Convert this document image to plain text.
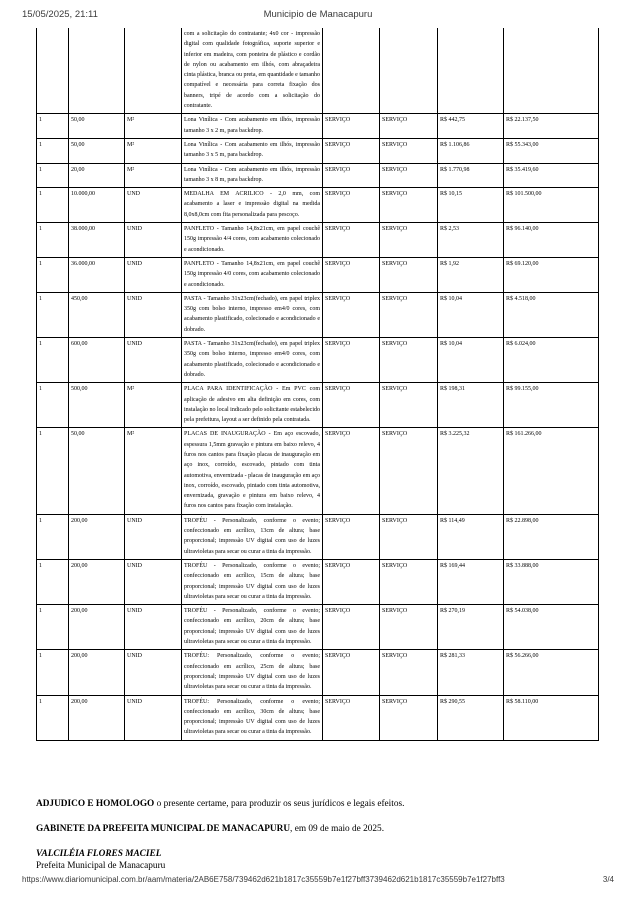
15/05/2025, 21:11	Municipio de Manacapuru
			com a solicitação do contratante; 4x0 cor - impressão digital com qualidade fotográfica, suporte superior e inferior em madeira, com ponteira de plástico e cordão de nylon ou acabamento em ilhós, com abraçadeira cinta plástica, branca ou preta, em quantidade e tamanho compatível e necessária para correta fixação dos banners, tripé de acordo com a solicitação do contratante.				
1	50,00	M²	Lona Vinílica - Com acabamento em ilhós, impressão tamanho 3 x 2 m, para backdrop.	SERVIÇO	SERVIÇO	R$ 442,75	R$ 22.137,50
1	50,00	M²	Lona Vinílica - Com acabamento em ilhós, impressão tamanho 3 x 5 m, para backdrop.	SERVIÇO	SERVIÇO	R$ 1.106,86	R$ 55.343,00
1	20,00	M²	Lona Vinílica - Com acabamento em ilhós, impressão tamanho 3 x 8 m, para backdrop.	SERVIÇO	SERVIÇO	R$ 1.770,98	R$ 35.419,60
1	10.000,00	UND	MEDALHA EM ACRILICO - 2,0 mm, com acabamento a laser e impressão digital na medida 8,0x8,0cm com fita personalizada para pescoço.	SERVIÇO	SERVIÇO	R$ 10,15	R$ 101.500,00
1	38.000,00	UNID	PANFLETO - Tamanho 14,8x21cm, em papel couchê 150g impressão 4/4 cores, com acabamento colecionado e acondicionado.	SERVIÇO	SERVIÇO	R$ 2,53	R$ 96.140,00
1	36.000,00	UNID	PANFLETO - Tamanho 14,8x21cm, em papel couchê 150g impressão 4/0 cores, com acabamento colecionado e acondicionado.	SERVIÇO	SERVIÇO	R$ 1,92	R$ 69.120,00
1	450,00	UNID	PASTA - Tamanho 31x23cm(fechado), em papel triplex 350g com bolso interno, impresso em4/0 cores, com acabamento plastificado, colecionado e acondicionado e dobrado.	SERVIÇO	SERVIÇO	R$ 10,04	R$ 4.518,00
1	600,00	UNID	PASTA - Tamanho 31x23cm(fechado), em papel triplex 350g com bolso interno, impresso em4/0 cores, com acabamento plastificado, colecionado e acondicionado e dobrado.	SERVIÇO	SERVIÇO	R$ 10,04	R$ 6.024,00
1	500,00	M²	PLACA PARA IDENTIFICAÇÃO - Em PVC com aplicação de adesivo em alta definição em cores, com instalação no local indicado pelo solicitante estabelecido pela prefeitura, layout a ser definido pela contratada.	SERVIÇO	SERVIÇO	R$ 198,31	R$ 99.155,00
1	50,00	M²	PLACAS DE INAUGURAÇÃO - Em aço escovado, espessura 1,5mm gravação e pintura em baixo relevo, 4 furos nos cantos para fixação placas de inauguração em aço inox, corroído, escovado, pintado com tinta automotiva, envernizada - placas de inauguração em aço inox, corroído, escovado, pintado com tinta automotiva, envernizada, gravação e pintura em baixo relevo, 4 furos nos cantos para fixação com instalação.	SERVIÇO	SERVIÇO	R$ 3.225,32	R$ 161.266,00
1	200,00	UNID	TROFÉU - Personalizado, conforme o evento; confeccionado em acrílico, 13cm de altura; base proporcional; impressão UV digital com uso de luzes ultravioletas para secar ou curar a tinta da impressão.	SERVIÇO	SERVIÇO	R$ 114,49	R$ 22.898,00
1	200,00	UNID	TROFÉU - Personalizado, conforme o evento; confeccionado em acrílico, 15cm de altura; base proporcional; impressão UV digital com uso de luzes ultravioletas para secar ou curar a tinta da impressão.	SERVIÇO	SERVIÇO	R$ 169,44	R$ 33.888,00
1	200,00	UNID	TROFÉU - Personalizado, conforme o evento; confeccionado em acrílico, 20cm de altura; base proporcional; impressão UV digital com uso de luzes ultravioletas para secar ou curar a tinta da impressão.	SERVIÇO	SERVIÇO	R$ 270,19	R$ 54.038,00
1	200,00	UNID	TROFÉU: Personalizado, conforme o evento; confeccionado em acrílico, 25cm de altura; base proporcional; impressão UV digital com uso de luzes ultravioletas para secar ou curar a tinta da impressão.	SERVIÇO	SERVIÇO	R$ 281,33	R$ 56.266,00
1	200,00	UNID	TROFÉU: Personalizado, conforme o evento; confeccionado em acrílico, 30cm de altura; base proporcional; impressão UV digital com uso de luzes ultravioletas para secar ou curar a tinta da impressão.	SERVIÇO	SERVIÇO	R$ 290,55	R$ 58.110,00

ADJUDICO E HOMOLOGO o presente certame, para produzir os seus jurídicos e legais efeitos.

GABINETE DA PREFEITA MUNICIPAL DE MANACAPURU, em 09 de maio de 2025.

VALCILÉIA FLORES MACIEL
Prefeita Municipal de Manacapuru
https://www.diariomunicipal.com.br/aam/materia/2AB6E758/739462d621b1817c35559b7e1f27bff3739462d621b1817c35559b7e1f27bff3	3/4
